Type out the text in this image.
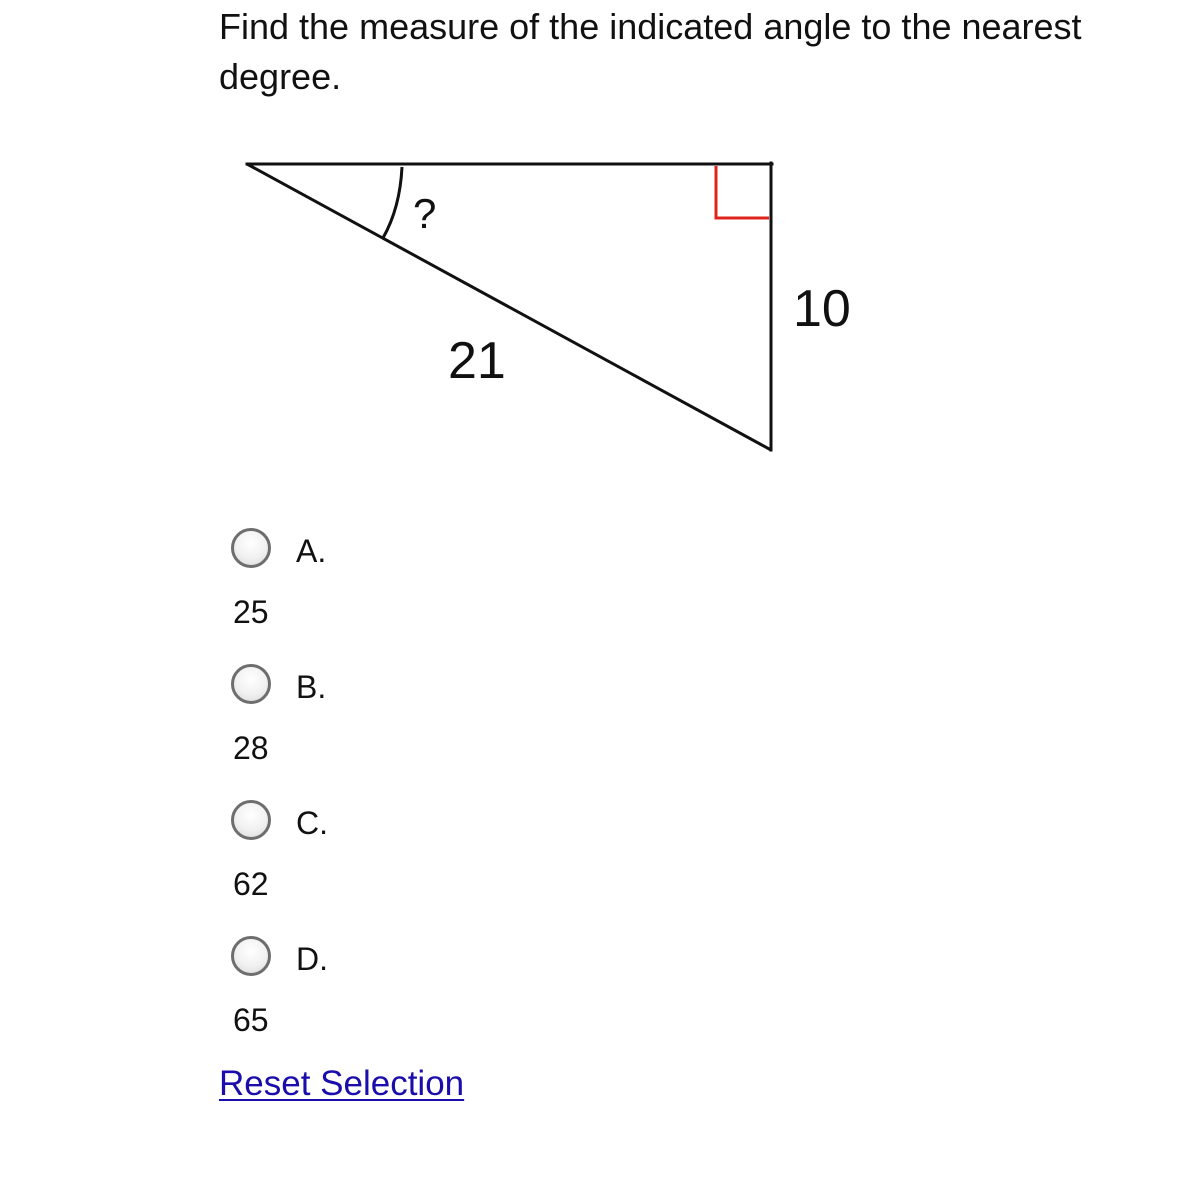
Find the measure of the indicated angle to the nearest degree.
?
21
10
A.
25
B.
28
C.
62
D.
65
Reset Selection
